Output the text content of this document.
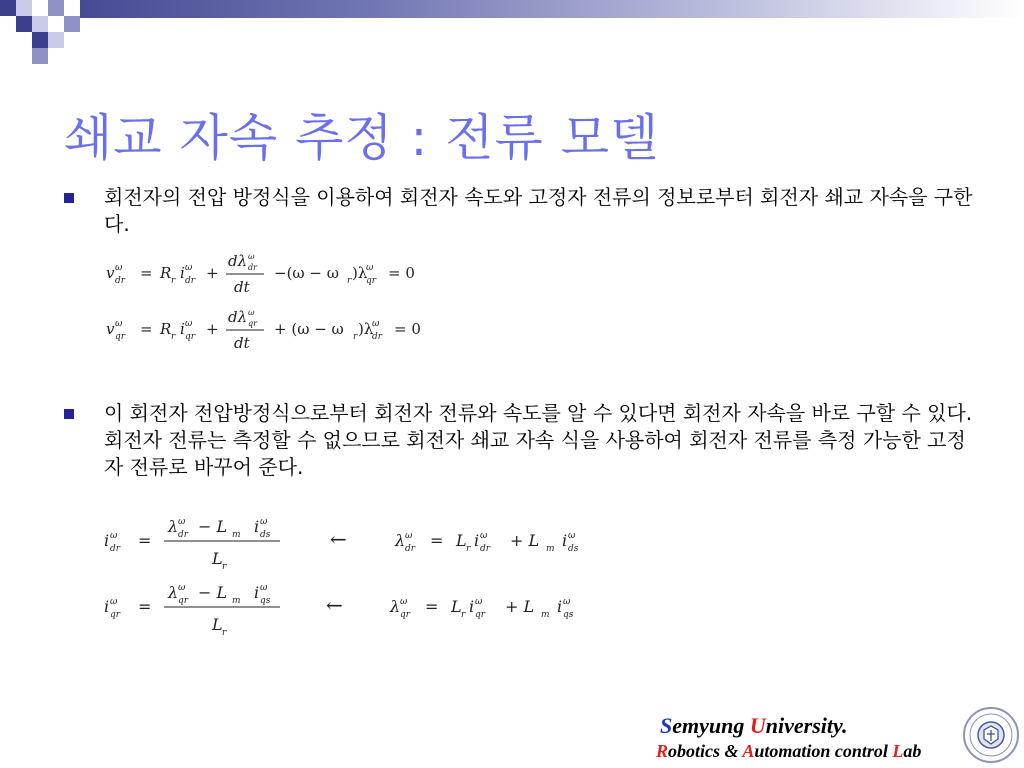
쇄교 자속 추정 : 전류 모델
회전자의 전압 방정식을 이용하여 회전자 속도와 고정자 전류의 정보로부터 회전자 쇄교 자속을 구한다.
v ω
dr = R r i ω
dr +
dλ ω
dr
dt
−(ω − ω r )λ
ω
qr = 0
v ω
qr = R r i ω
qr +
dλ ω
qr
dt
+ (ω − ω r )λ
ω
dr = 0
이 회전자 전압방정식으로부터 회전자 전류와 속도를 알 수 있다면 회전자 자속을 바로 구할 수 있다. 회전자 전류는 측정할 수 없으므로 회전자 쇄교 자속 식을 사용하여 회전자 전류를 측정 가능한 고정자 전류로 바꾸어 준다.
i ω
dr =
λ ω
dr − L m i ω
ds
L r
←	λ ω
dr = L r i ω
dr + L m i ω
ds
i ω
qr =
λ ω
qr − L m i ω
qs
L r
←	λ ω
qr = L r i ω
qr + L m i ω
qs
Semyung University.
Robotics & Automation control Lab
